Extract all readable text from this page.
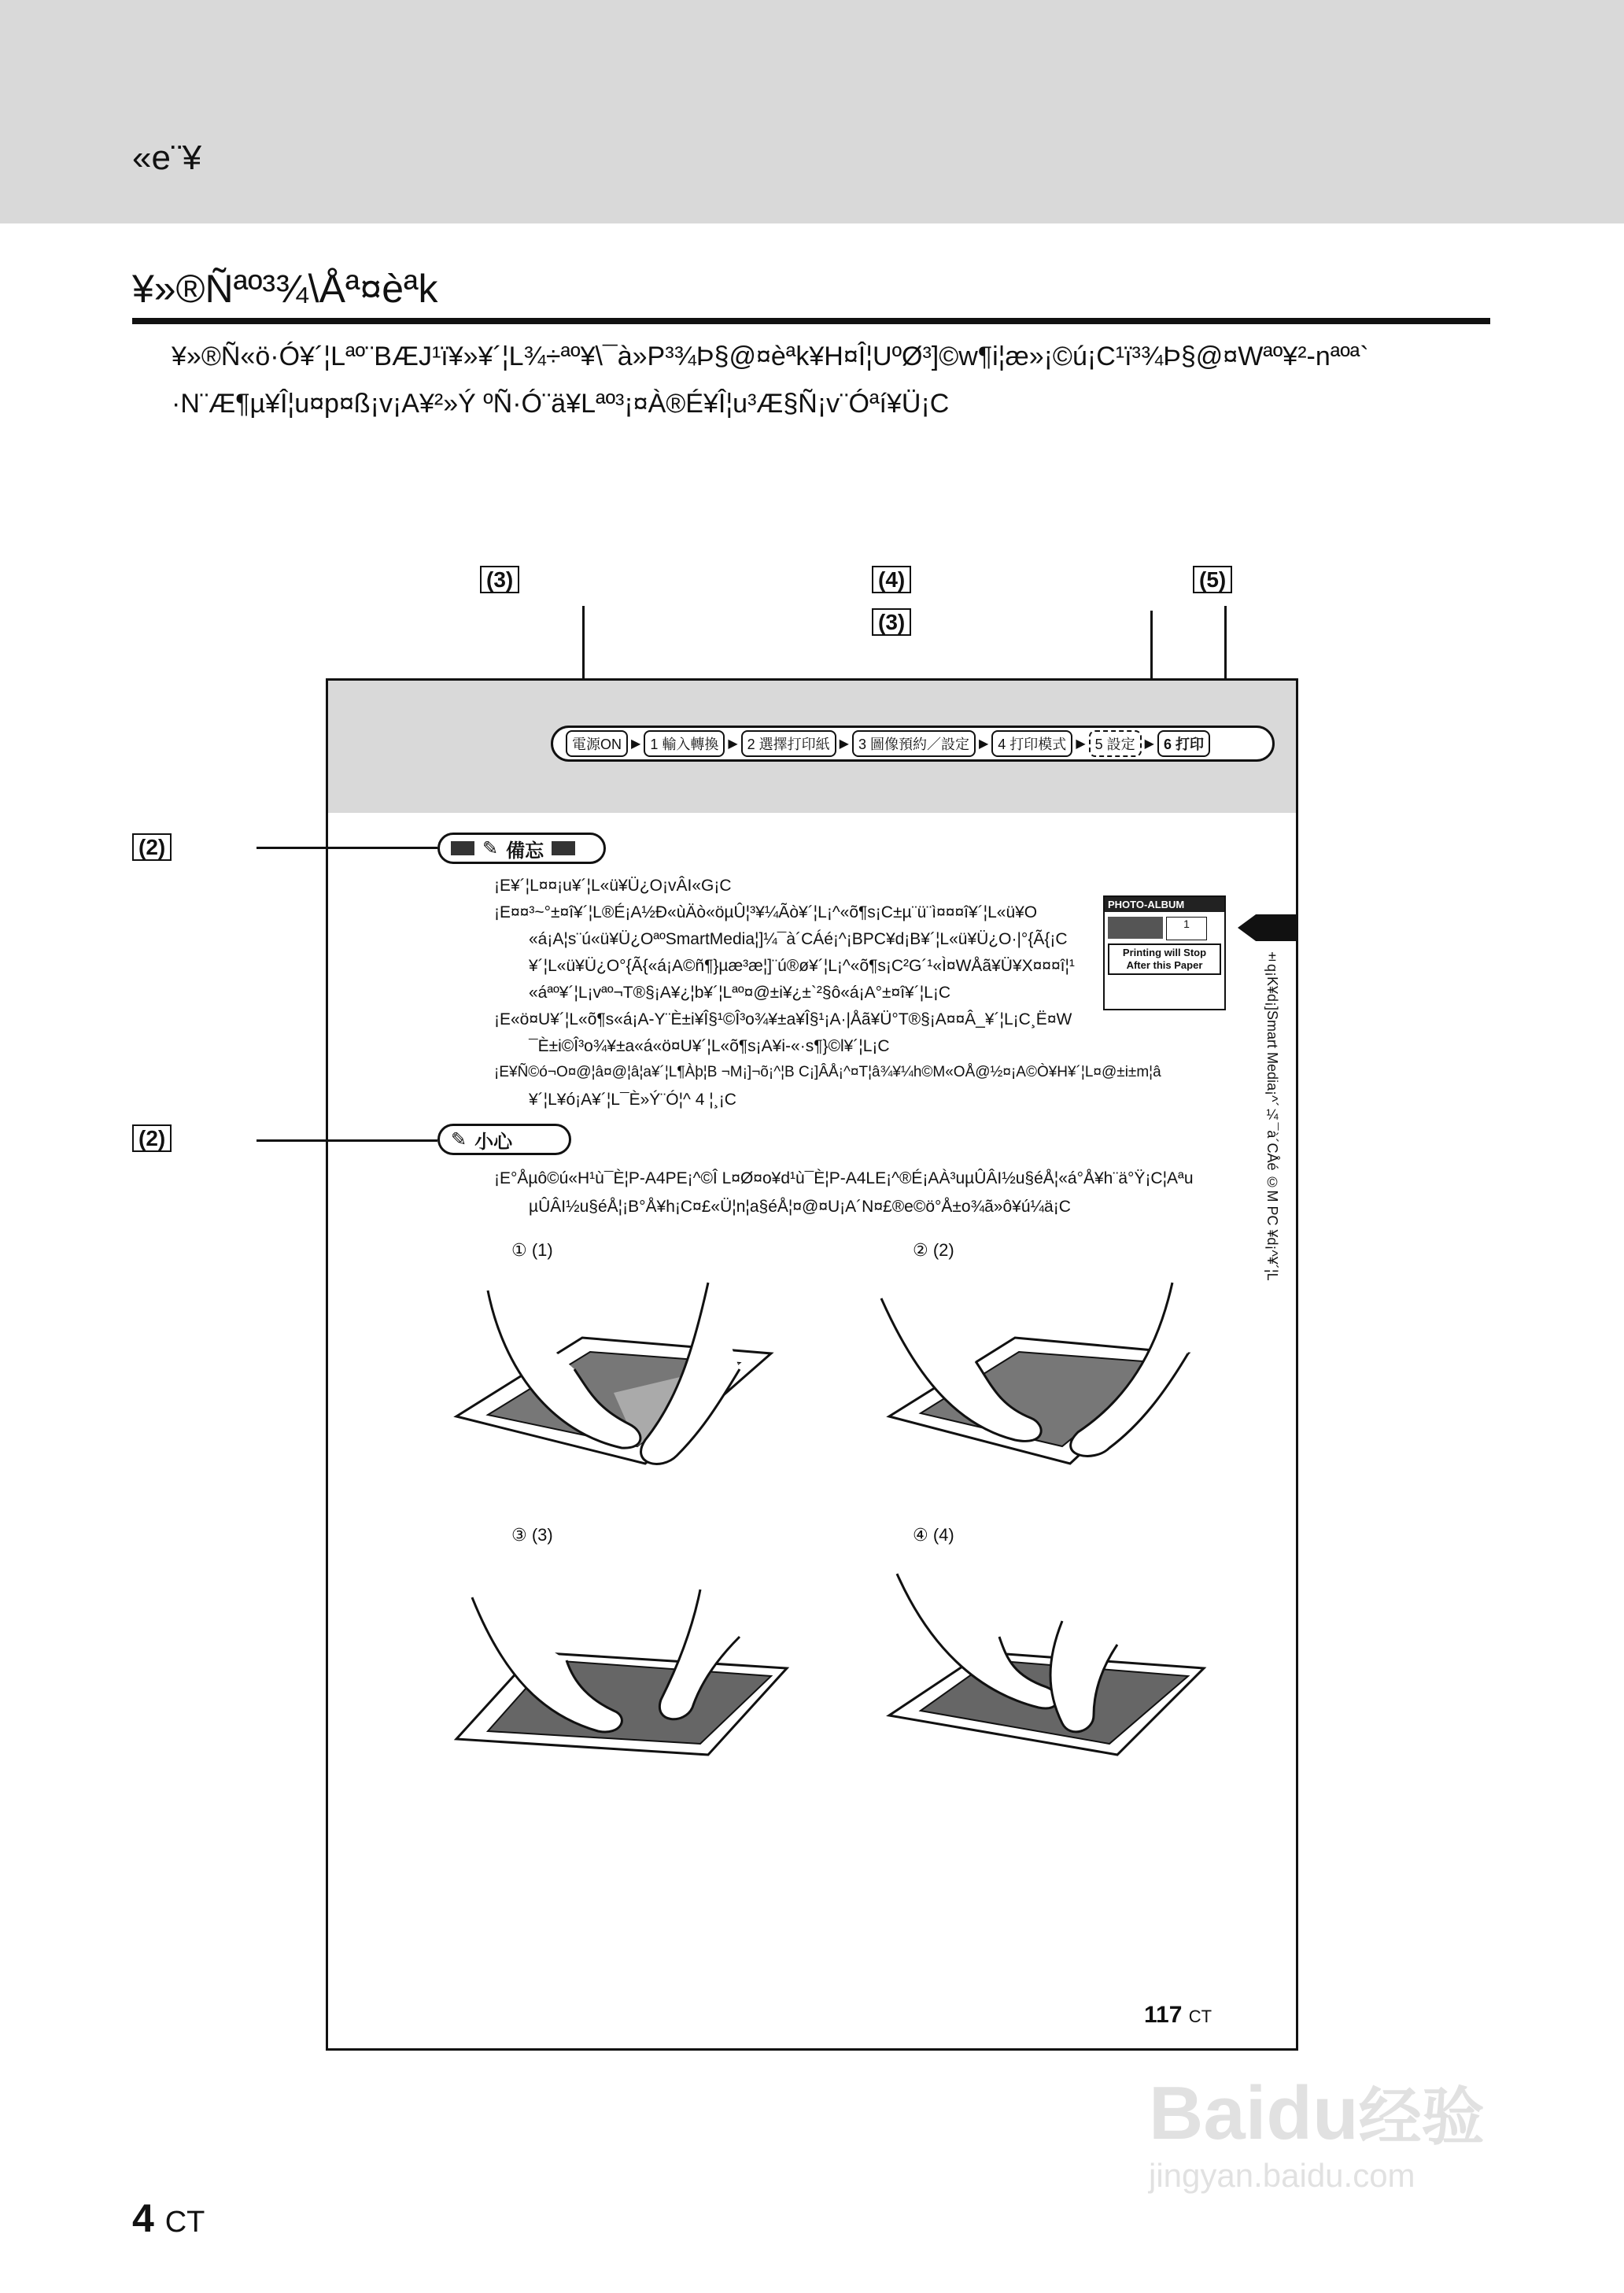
«e¨¥
¥»®Ñªº³¾\Åª¤èªk
¥»®Ñ«ö·Ó¥´¦Lªº¨BÆJ¹ï¥»¥´¦L¾÷ªº¥\¯à»P³¾Þ§@¤èªk¥H¤Î¦UºØ³]©w¶i¦æ»¡©ú¡C¹ï³¾Þ§@¤Wªº¥²-nªºª`
·N¨Æ¶µ¥Î¦u¤p¤ß¡v¡A¥²»Ý ºÑ·Ó¨ä¥Lªº³¡¤À®É¥Î¦u³Æ§Ñ¡v¨Óªí¥Ü¡C
(3)	(4)
(3)
(5)
(2)
(2)
電源ON ▶ 1 輸入轉換 ▶ 2 選擇打印紙 ▶ 3 圖像預約／設定 ▶ 4 打印模式 ▶ 5 設定 ▶ 6 打印
✎ 備忘
¡E¥´¦L¤¤¡u¥´¦L«ü¥Ü¿O¡vÂI«G¡C
¡E¤¤³~°±¤î¥´¦L®É¡A½Ð«ùÄò«öµÛ¦³¥¼Ãò¥´¦L¡^«õ¶s¡C±µ¨ü¨ì¤¤¤î¥´¦L«ü¥O
«á¡A¦s¨ú«ü¥Ü¿OªºSmartMedia¦]¼¯à´CÁé¡^¡BPC¥d¡B¥´¦L«ü¥Ü¿O·|°{Ã{¡C
¥´¦L«ü¥Ü¿O°{Ã{«á¡A©ñ¶}µæ³æ¦]¨ú®ø¥´¦L¡^«õ¶s¡C²G´¹«Ì¤WÅã¥Ü¥X¤¤¤î¦¹
«áªº¥´¦L¡vªº¬T®§¡A¥¿¦b¥´¦Lªº¤@±i¥¿±`²§ô«á¡A°±¤î¥´¦L¡C
¡E«ö¤U¥´¦L«õ¶s«á¡A-Y¨È±i¥Î§¹©Î³o¾¥±a¥Î§¹¡A·|Åã¥Ü°T®§¡A¤¤Â_¥´¦L¡C¸Ë¤W
¯È±i©Î³o¾¥±a«á«ö¤U¥´¦L«õ¶s¡A¥i-«·s¶}©l¥´¦L¡C
¡E¥Ñ©ó¬O¤@¦â¤@¦â¦a¥´¦L¶Àþ¦B ¬M¡]¬õ¡^¦B C¡]ÂÅ¡^¤T¦â¾¥¼h©M«OÅ@½¤¡A©Ò¥H¥´¦L¤@±i±m¦â
¥´¦L¥ó¡A¥´¦L¯È»Ý¨Ó¦^ 4 ¦¸¡C
PHOTO-ALBUM
1
Printing will Stop
After this Paper	±q¡K¥d¡]Smart Media¡^´¼¯à´CÅé ©M PC ¥d¡^¥´¦L
✎ 小心
¡E°Åµô©ú«H¹ù¯È¦P-A4PE¡^©Î L¤Ø¤o¥d¹ù¯È¦P-A4LE¡^®É¡AÀ³uµÛÂI½u§éÅ¦«á°Å¥h¨ä°Ÿ¡C¦Aªu
µÛÂI½u§éÅ¦¡B°Å¥h¡C¤£«Ü¦n¦a§éÅ¦¤@¤U¡A´N¤£®e©ö°Å±o¾ã»ô¥ú¼ä¡C
① (1)	② (2)
③ (3)	④ (4)
117 CT
4 CT
Baidu经验
jingyan.baidu.com
